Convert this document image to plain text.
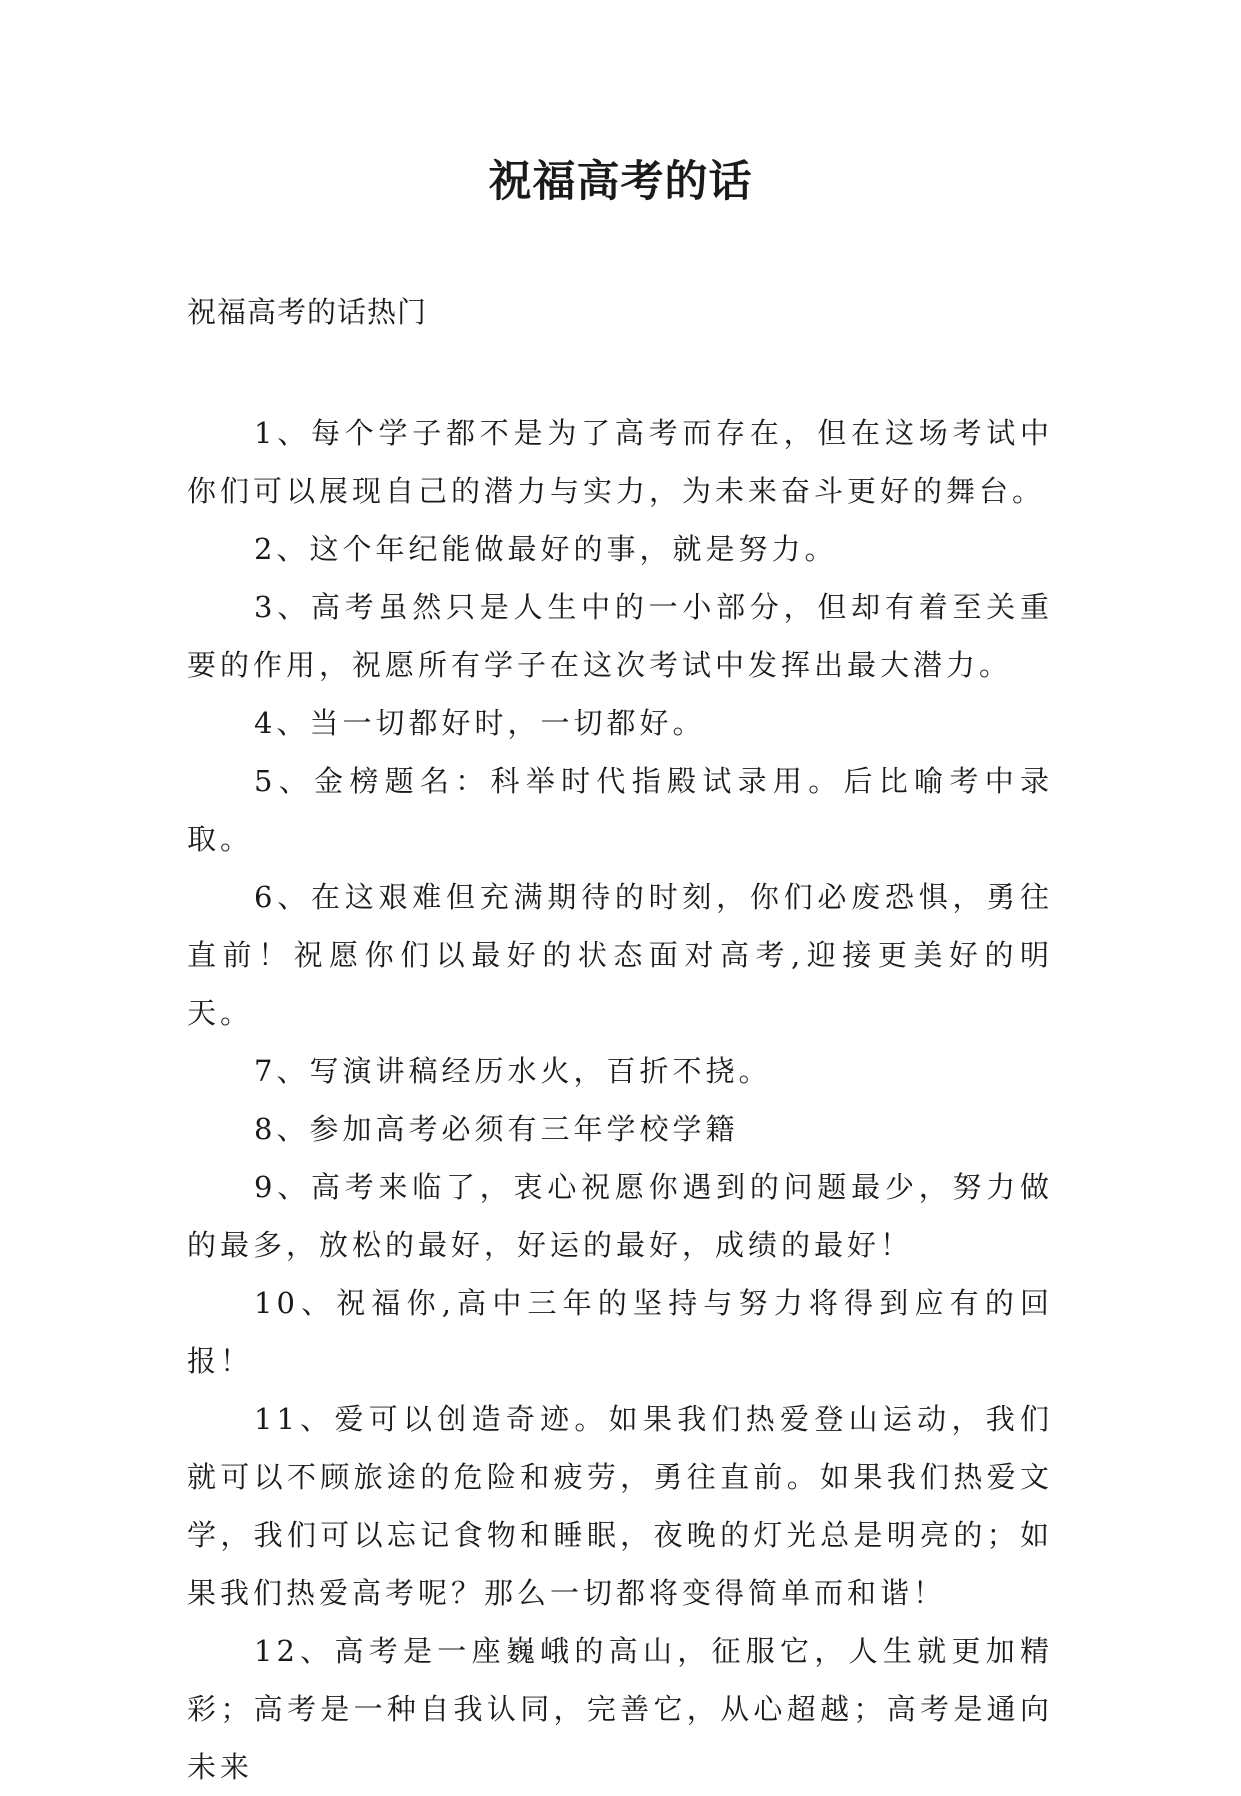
祝福高考的话

祝福高考的话热门

1、每个学子都不是为了高考而存在，但在这场考试中你们可以展现自己的潜力与实力，为未来奋斗更好的舞台。

2、这个年纪能做最好的事，就是努力。

3、高考虽然只是人生中的一小部分，但却有着至关重要的作用，祝愿所有学子在这次考试中发挥出最大潜力。

4、当一切都好时，一切都好。

5、金榜题名：科举时代指殿试录用。后比喻考中录取。

6、在这艰难但充满期待的时刻，你们必废恐惧，勇往直前！祝愿你们以最好的状态面对高考,迎接更美好的明天。

7、写演讲稿经历水火，百折不挠。

8、参加高考必须有三年学校学籍

9、高考来临了，衷心祝愿你遇到的问题最少，努力做的最多，放松的最好，好运的最好，成绩的最好！

10、祝福你,高中三年的坚持与努力将得到应有的回报！

11、爱可以创造奇迹。如果我们热爱登山运动，我们就可以不顾旅途的危险和疲劳，勇往直前。如果我们热爱文学，我们可以忘记食物和睡眠，夜晚的灯光总是明亮的；如果我们热爱高考呢？那么一切都将变得简单而和谐！

12、高考是一座巍峨的高山，征服它，人生就更加精彩；高考是一种自我认同，完善它，从心超越；高考是通向未来
